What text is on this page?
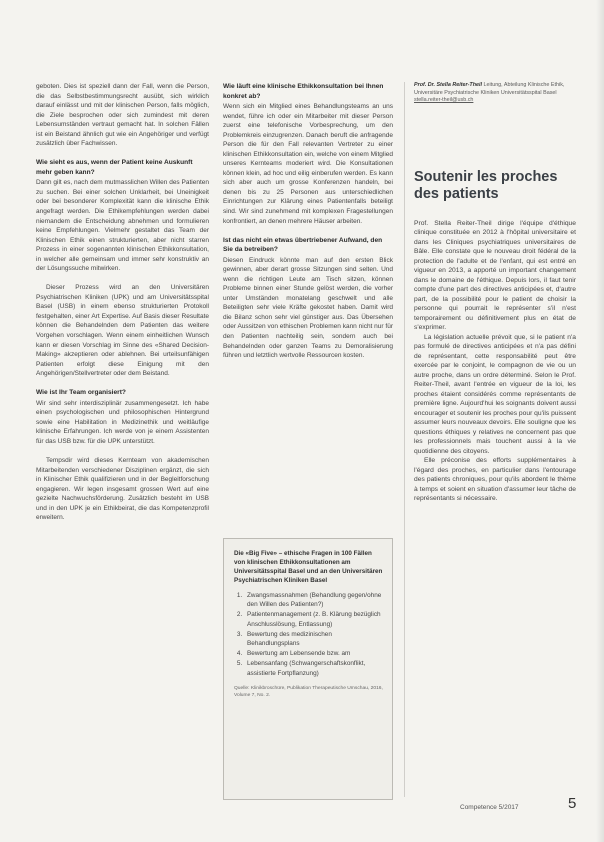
geboten. Dies ist speziell dann der Fall, wenn die Person, die das Selbstbestimmungsrecht ausübt, sich wirklich darauf einlässt und mit der klinischen Person, falls möglich, die Ziele besprochen oder sich zumindest mit deren Lebensumständen vertraut gemacht hat. In solchen Fällen ist ein Beistand ähnlich gut wie ein Angehöriger und verfügt zusätzlich über Fachwissen.

Wie sieht es aus, wenn der Patient keine Auskunft mehr geben kann?

Dann gilt es, nach dem mutmasslichen Willen des Patienten zu suchen. Bei einer solchen Unklarheit, bei Uneinigkeit oder bei besonderer Komplexität kann die klinische Ethik angefragt werden. Die Ethikempfehlungen werden dabei niemandem die Entscheidung abnehmen und formulieren keine Empfehlungen. Vielmehr gestaltet das Team der Klinischen Ethik einen strukturierten, aber nicht starren Prozess in einer sogenannten klinischen Ethikkonsultation, in welcher alle gemeinsam und immer sehr konstruktiv an der Lösungssuche mitwirken.

Dieser Prozess wird an den Universitären Psychiatrischen Kliniken (UPK) und am Universitätsspital Basel (USB) in einem ebenso strukturierten Protokoll festgehalten, einer Art Expertise. Auf Basis dieser Resultate können die Behandelnden dem Patienten das weitere Vorgehen vorschlagen. Wenn einem einheitlichen Wunsch kann er diesen Vorschlag im Sinne des «Shared Decision-Making» akzeptieren oder ablehnen. Bei urteilsunfähigen Patienten erfolgt diese Einigung mit den Angehörigen/Stellvertreter oder dem Beistand.

Wie ist Ihr Team organisiert?

Wir sind sehr interdisziplinär zusammengesetzt. Ich habe einen psychologischen und philosophischen Hintergrund sowie eine Habilitation in Medizinethik und weitläufige klinische Erfahrungen. Ich werde von je einem Assistenten für das USB bzw. für die UPK unterstützt.

Tempsdir wird dieses Kernteam von akademischen Mitarbeitenden verschiedener Disziplinen ergänzt, die sich in Klinischer Ethik qualifizieren und in der Begleitforschung engagieren. Wir legen insgesamt grossen Wert auf eine gezielte Nachwuchsförderung. Zusätzlich besteht im USB und in den UPK je ein Ethikbeirat, die das Kompetenzprofil erweitern.

Wie läuft eine klinische Ethikkonsultation bei Ihnen konkret ab?

Wenn sich ein Mitglied eines Behandlungsteams an uns wendet, führe ich oder ein Mitarbeiter mit dieser Person zuerst eine telefonische Vorbesprechung, um den Problemkreis einzugrenzen. Danach beruft die anfragende Person die für den Fall relevanten Vertreter zu einer klinischen Ethikkonsultation ein, welche von einem Mitglied unseres Kernteams moderiert wird. Die Konsultationen können klein, ad hoc und eilig einberufen werden. Es kann sich aber auch um grosse Konferenzen handeln, bei denen bis zu 25 Personen aus unterschiedlichen Einrichtungen zur Klärung eines Patientenfalls beteiligt sind. Wir sind zunehmend mit komplexen Fragestellungen konfrontiert, an denen mehrere Häuser arbeiten.

Ist das nicht ein etwas übertriebener Aufwand, den Sie da betreiben?

Diesen Eindruck könnte man auf den ersten Blick gewinnen, aber derart grosse Sitzungen sind selten. Und wenn die richtigen Leute am Tisch sitzen, können Probleme binnen einer Stunde gelöst werden, die vorher unter Umständen monatelang geschwelt und alle Beteiligten sehr viele Kräfte gekostet haben. Damit wird die Bilanz schon sehr viel günstiger aus. Das Übersehen oder Aussitzen von ethischen Problemen kann nicht nur für den Patienten nachteilig sein, sondern auch bei Behandelnden oder ganzen Teams zu Demoralisierung führen und letztlich wertvolle Ressourcen kosten.

Die «Big Five» – ethische Fragen in 100 Fällen von klinischen Ethikkonsultationen am Universitätsspital Basel und an den Universitären Psychiatrischen Kliniken Basel
1. Zwangsmassnahmen (Behandlung gegen/ohne den Willen des Patienten?)
2. Patientenmanagement (z. B. Klärung bezüglich Anschlusslösung, Entlassung)
3. Bewertung des medizinischen Behandlungsplans
4. Bewertung am Lebensende bzw. am
5. Lebensanfang (Schwangerschaftskonflikt, assistierte Fortpflanzung)
Quelle: Klinikbroschüre, Publikation Therapeutische Umschau, 2016, Volume 7, No. 2.
Prof. Dr. Stella Reiter-Theil Leitung, Abteilung Klinische Ethik, Universitäre Psychiatrische Kliniken Universitätsspital Basel
stella.reiter-theil@usb.ch
Soutenir les proches des patients

Prof. Stella Reiter-Theil dirige l'équipe d'éthique clinique constituée en 2012 à l'hôpital universitaire et dans les Cliniques psychiatriques universitaires de Bâle. Elle constate que le nouveau droit fédéral de la protection de l'adulte et de l'enfant, qui est entré en vigueur en 2013, a apporté un important changement dans le domaine de l'éthique. Depuis lors, il faut tenir compte d'une part des directives anticipées et, d'autre part, de la possibilité pour le patient de choisir la personne qui pourrait le représenter s'il n'est temporairement ou définitivement plus en état de s'exprimer.

La législation actuelle prévoit que, si le patient n'a pas formulé de directives anticipées et n'a pas défini de représentant, cette responsabilité peut être exercée par le conjoint, le compagnon de vie ou un autre proche, dans un ordre déterminé. Selon le Prof. Reiter-Theil, avant l'entrée en vigueur de la loi, les proches étaient considérés comme représentants de première ligne. Aujourd'hui les soignants doivent aussi encourager et soutenir les proches pour qu'ils puissent assumer leurs nouveaux devoirs. Elle souligne que les questions éthiques y relatives ne concernent pas que les professionnels mais touchent aussi à la vie quotidienne des citoyens.

Elle préconise des efforts supplémentaires à l'égard des proches, en particulier dans l'entourage des patients chroniques, pour qu'ils abordent le thème à temps et soient en situation d'assumer leur tâche de représentants si nécessaire.

Competence 5/2017	5
